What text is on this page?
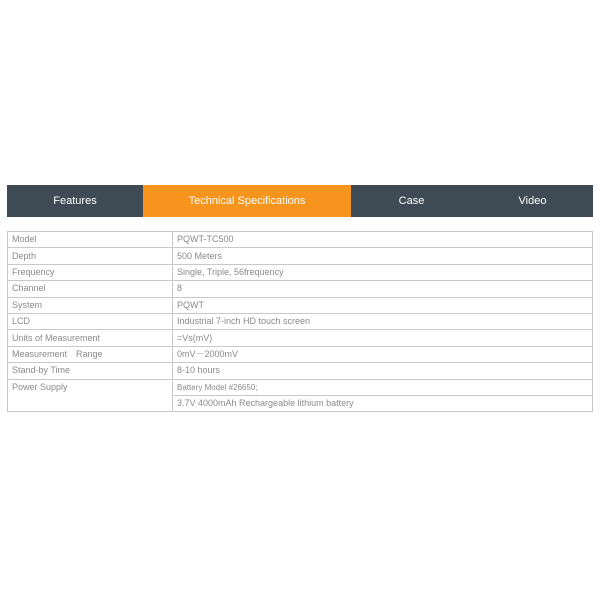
Features	Technical Specifications	Case	Video
Model	PQWT-TC500
Depth	500 Meters
Frequency	Single, Triple, 56frequency
Channel	8
System	PQWT
LCD	Industrial 7-inch HD touch screen
Units of Measurement	=Vs(mV)
Measurement　Range	0mV－2000mV
Stand-by Time	8-10 hours
Power Supply	Battery Model #26650;
	3.7V 4000mAh Rechargeable lithium battery
